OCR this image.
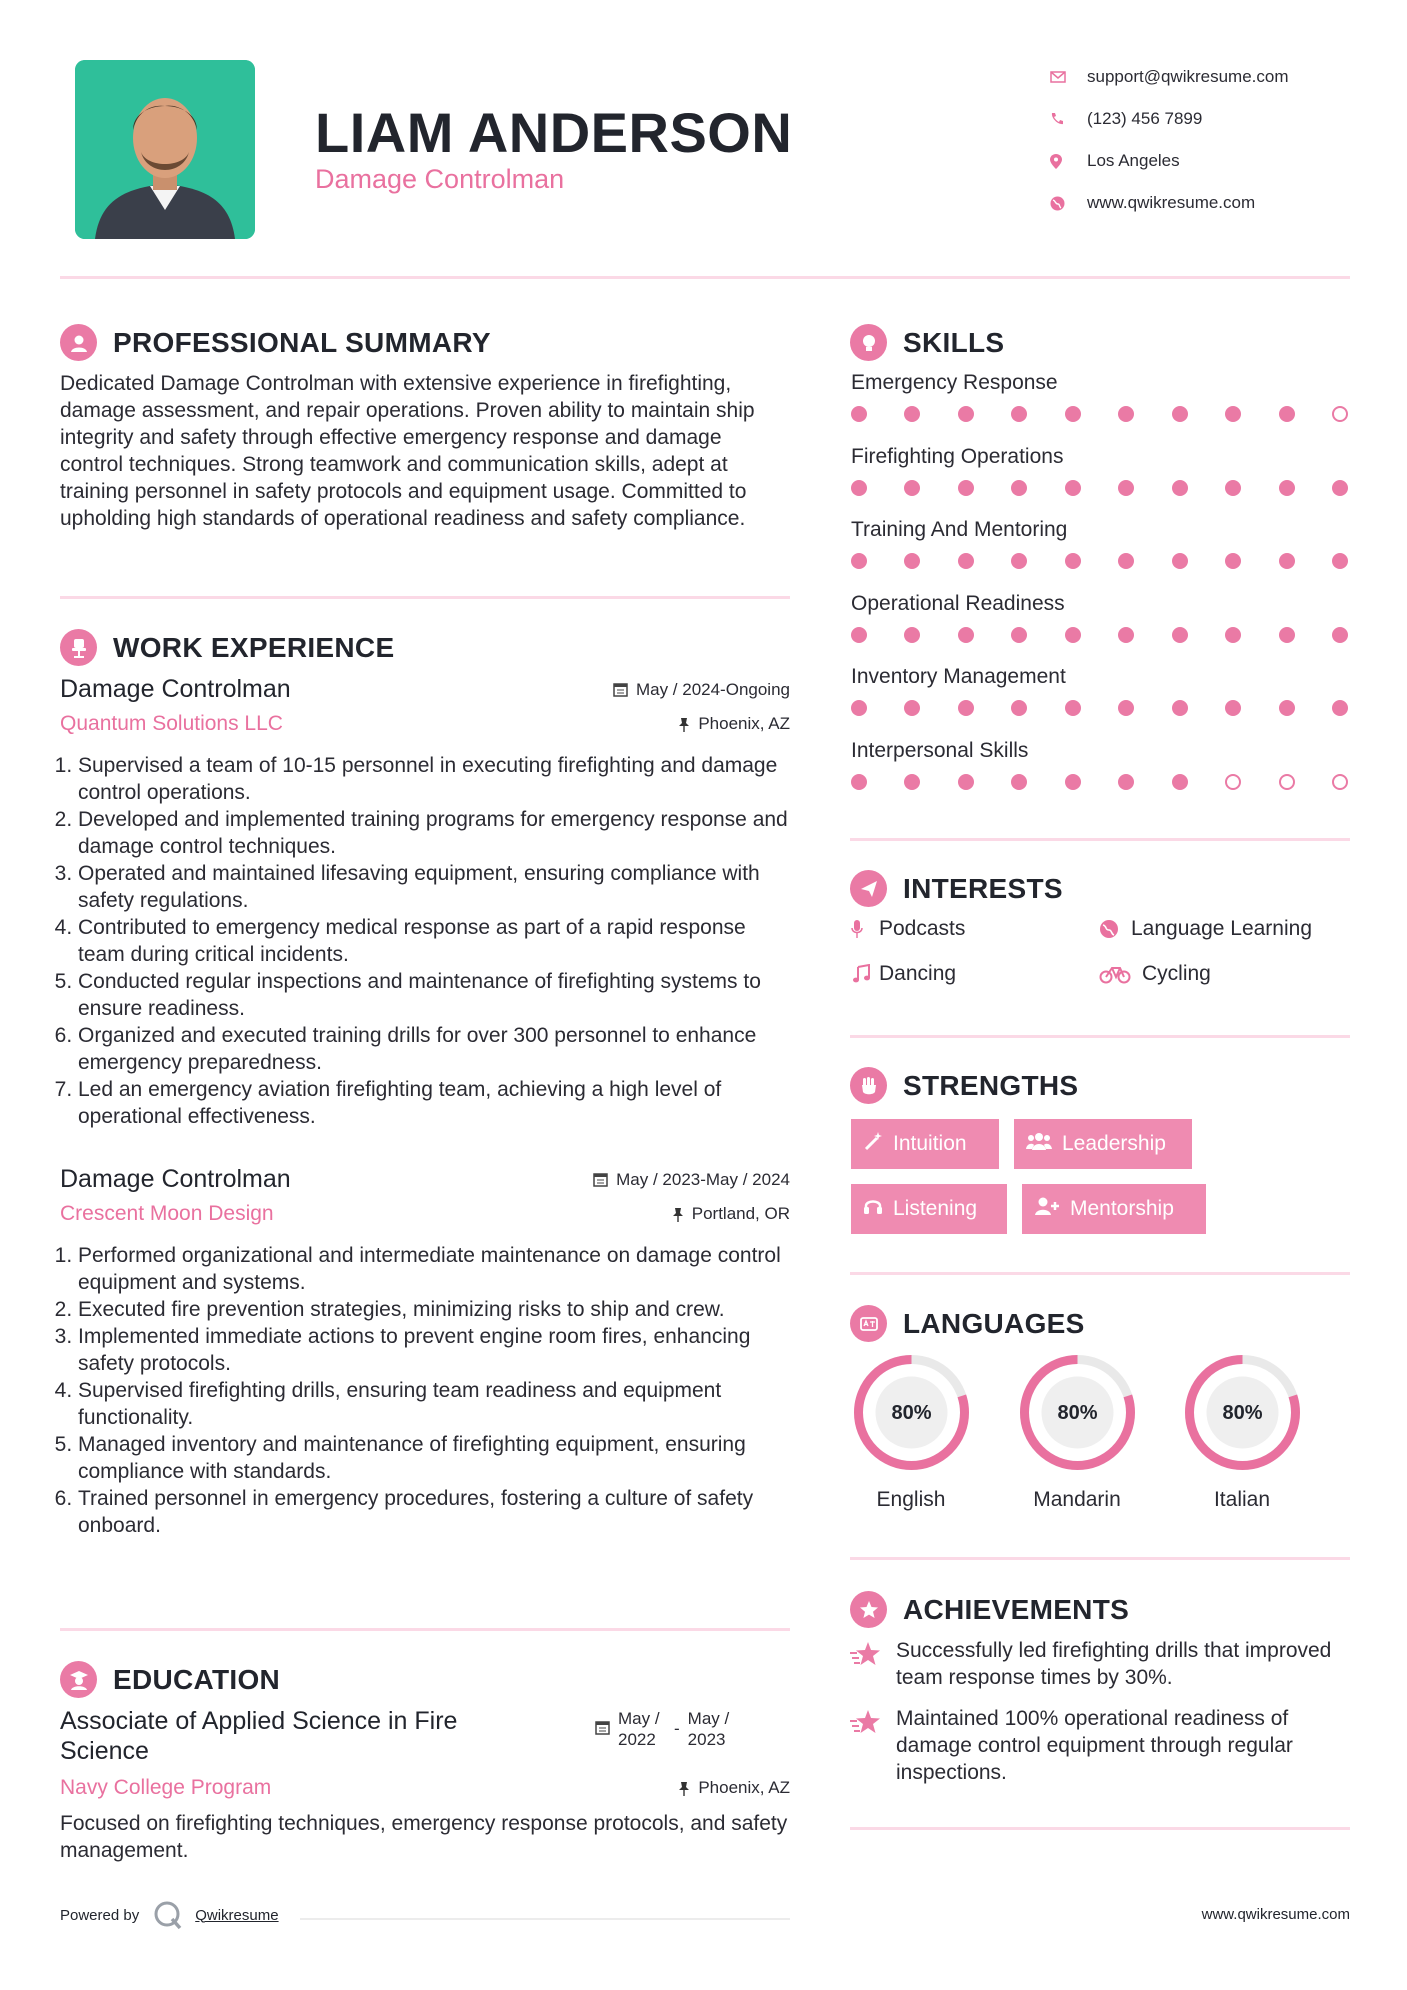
LIAM ANDERSON
Damage Controlman
support@qwikresume.com
(123) 456 7899
Los Angeles
www.qwikresume.com
PROFESSIONAL SUMMARY
Dedicated Damage Controlman with extensive experience in firefighting, damage assessment, and repair operations. Proven ability to maintain ship integrity and safety through effective emergency response and damage control techniques. Strong teamwork and communication skills, adept at training personnel in safety protocols and equipment usage. Committed to upholding high standards of operational readiness and safety compliance.
WORK EXPERIENCE
Damage Controlman	May / 2024-Ongoing
Quantum Solutions LLC	Phoenix, AZ
1. Supervised a team of 10-15 personnel in executing firefighting and damage control operations.
2. Developed and implemented training programs for emergency response and damage control techniques.
3. Operated and maintained lifesaving equipment, ensuring compliance with safety regulations.
4. Contributed to emergency medical response as part of a rapid response team during critical incidents.
5. Conducted regular inspections and maintenance of firefighting systems to ensure readiness.
6. Organized and executed training drills for over 300 personnel to enhance emergency preparedness.
7. Led an emergency aviation firefighting team, achieving a high level of operational effectiveness.
Damage Controlman	May / 2023-May / 2024
Crescent Moon Design	Portland, OR
1. Performed organizational and intermediate maintenance on damage control equipment and systems.
2. Executed fire prevention strategies, minimizing risks to ship and crew.
3. Implemented immediate actions to prevent engine room fires, enhancing safety protocols.
4. Supervised firefighting drills, ensuring team readiness and equipment functionality.
5. Managed inventory and maintenance of firefighting equipment, ensuring compliance with standards.
6. Trained personnel in emergency procedures, fostering a culture of safety onboard.
EDUCATION
Associate of Applied Science in Fire Science
May / 2022
-
May / 2023
Navy College Program	Phoenix, AZ
Focused on firefighting techniques, emergency response protocols, and safety management.
SKILLS
Emergency Response
Firefighting Operations
Training And Mentoring
Operational Readiness
Inventory Management
Interpersonal Skills
INTERESTS
Podcasts	Language Learning
Dancing	Cycling
STRENGTHS
Intuition	Leadership
Listening	Mentorship
LANGUAGES
80%
English
80%
Mandarin
80%
Italian
ACHIEVEMENTS
Successfully led firefighting drills that improved team response times by 30%.
Maintained 100% operational readiness of damage control equipment through regular inspections.
Powered by	Qwikresume	www.qwikresume.com
